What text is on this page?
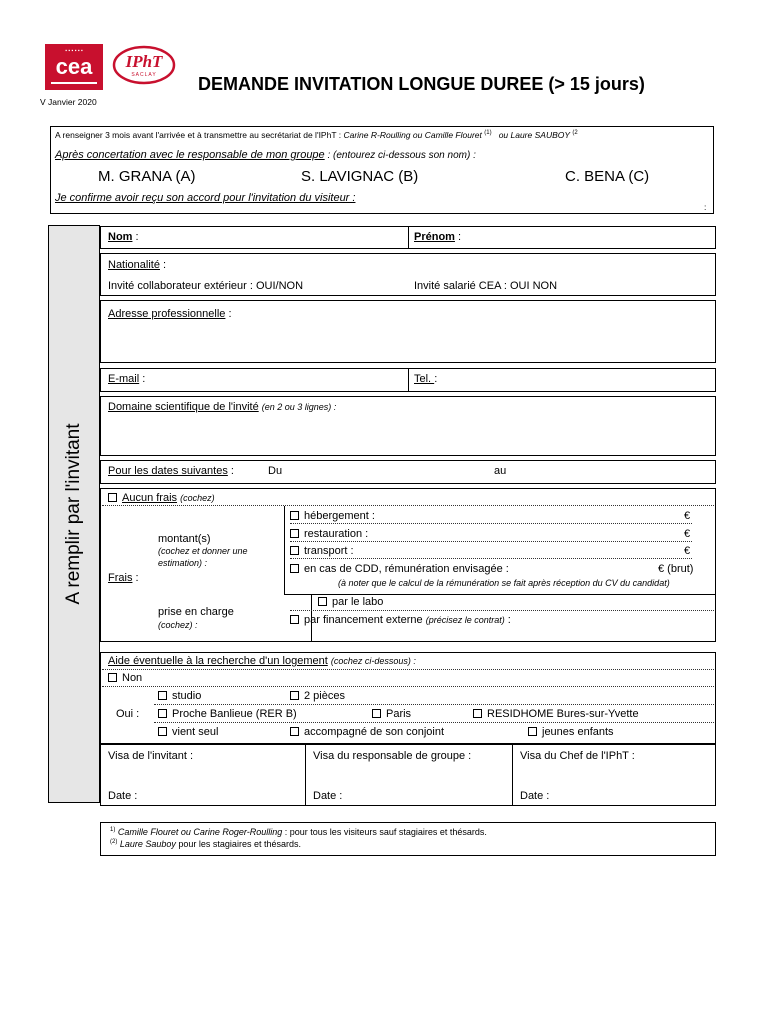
▪ ▪ ▪ ▪ ▪ ▪
cea	IPhT
SACLAY	DEMANDE INVITATION LONGUE DUREE (> 15 jours)
V Janvier 2020
A renseigner 3 mois avant l'arrivée et à transmettre au secrétariat de l'IPhT : Carine R-Roulling ou Camille Flouret $^{(1)}$ ou Laure SAUBOY $^{(2}$
Après concertation avec le responsable de mon groupe : (entourez ci-dessous son nom) :
M. GRANA (A)	S. LAVIGNAC (B)	C. BENA (C)
Je confirme avoir reçu son accord pour l'invitation du visiteur :
:
A remplir par l'invitant
Nom :	Prénom :
Nationalité :
Invité collaborateur extérieur : OUI/NON	Invité salarié CEA : OUI NON
Adresse professionnelle :
E-mail :	Tel. :
Domaine scientifique de l'invité (en 2 ou 3 lignes) :
Pour les dates suivantes :	Du	au
Aucun frais (cochez)
Frais :
montant(s)
(cochez et donner une estimation) :
hébergement :	€
restauration :	€
transport :	€
en cas de CDD, rémunération envisagée :	€ (brut)
(à noter que le calcul de la rémunération se fait après réception du CV du candidat)
prise en charge
(cochez) :
par le labo
par financement externe (précisez le contrat) :
Aide éventuelle à la recherche d'un logement (cochez ci-dessous) :
Non
Oui :
studio	2 pièces
Proche Banlieue (RER B)	Paris	RESIDHOME Bures-sur-Yvette
vient seul	accompagné de son conjoint	jeunes enfants
Visa de l'invitant :	Visa du responsable de groupe :	Visa du Chef de l'IPhT :
Date :	Date :	Date :
$^{1)}$ Camille Flouret ou Carine Roger-Roulling : pour tous les visiteurs sauf stagiaires et thésards.
$^{(2)}$ Laure Sauboy pour les stagiaires et thésards.
